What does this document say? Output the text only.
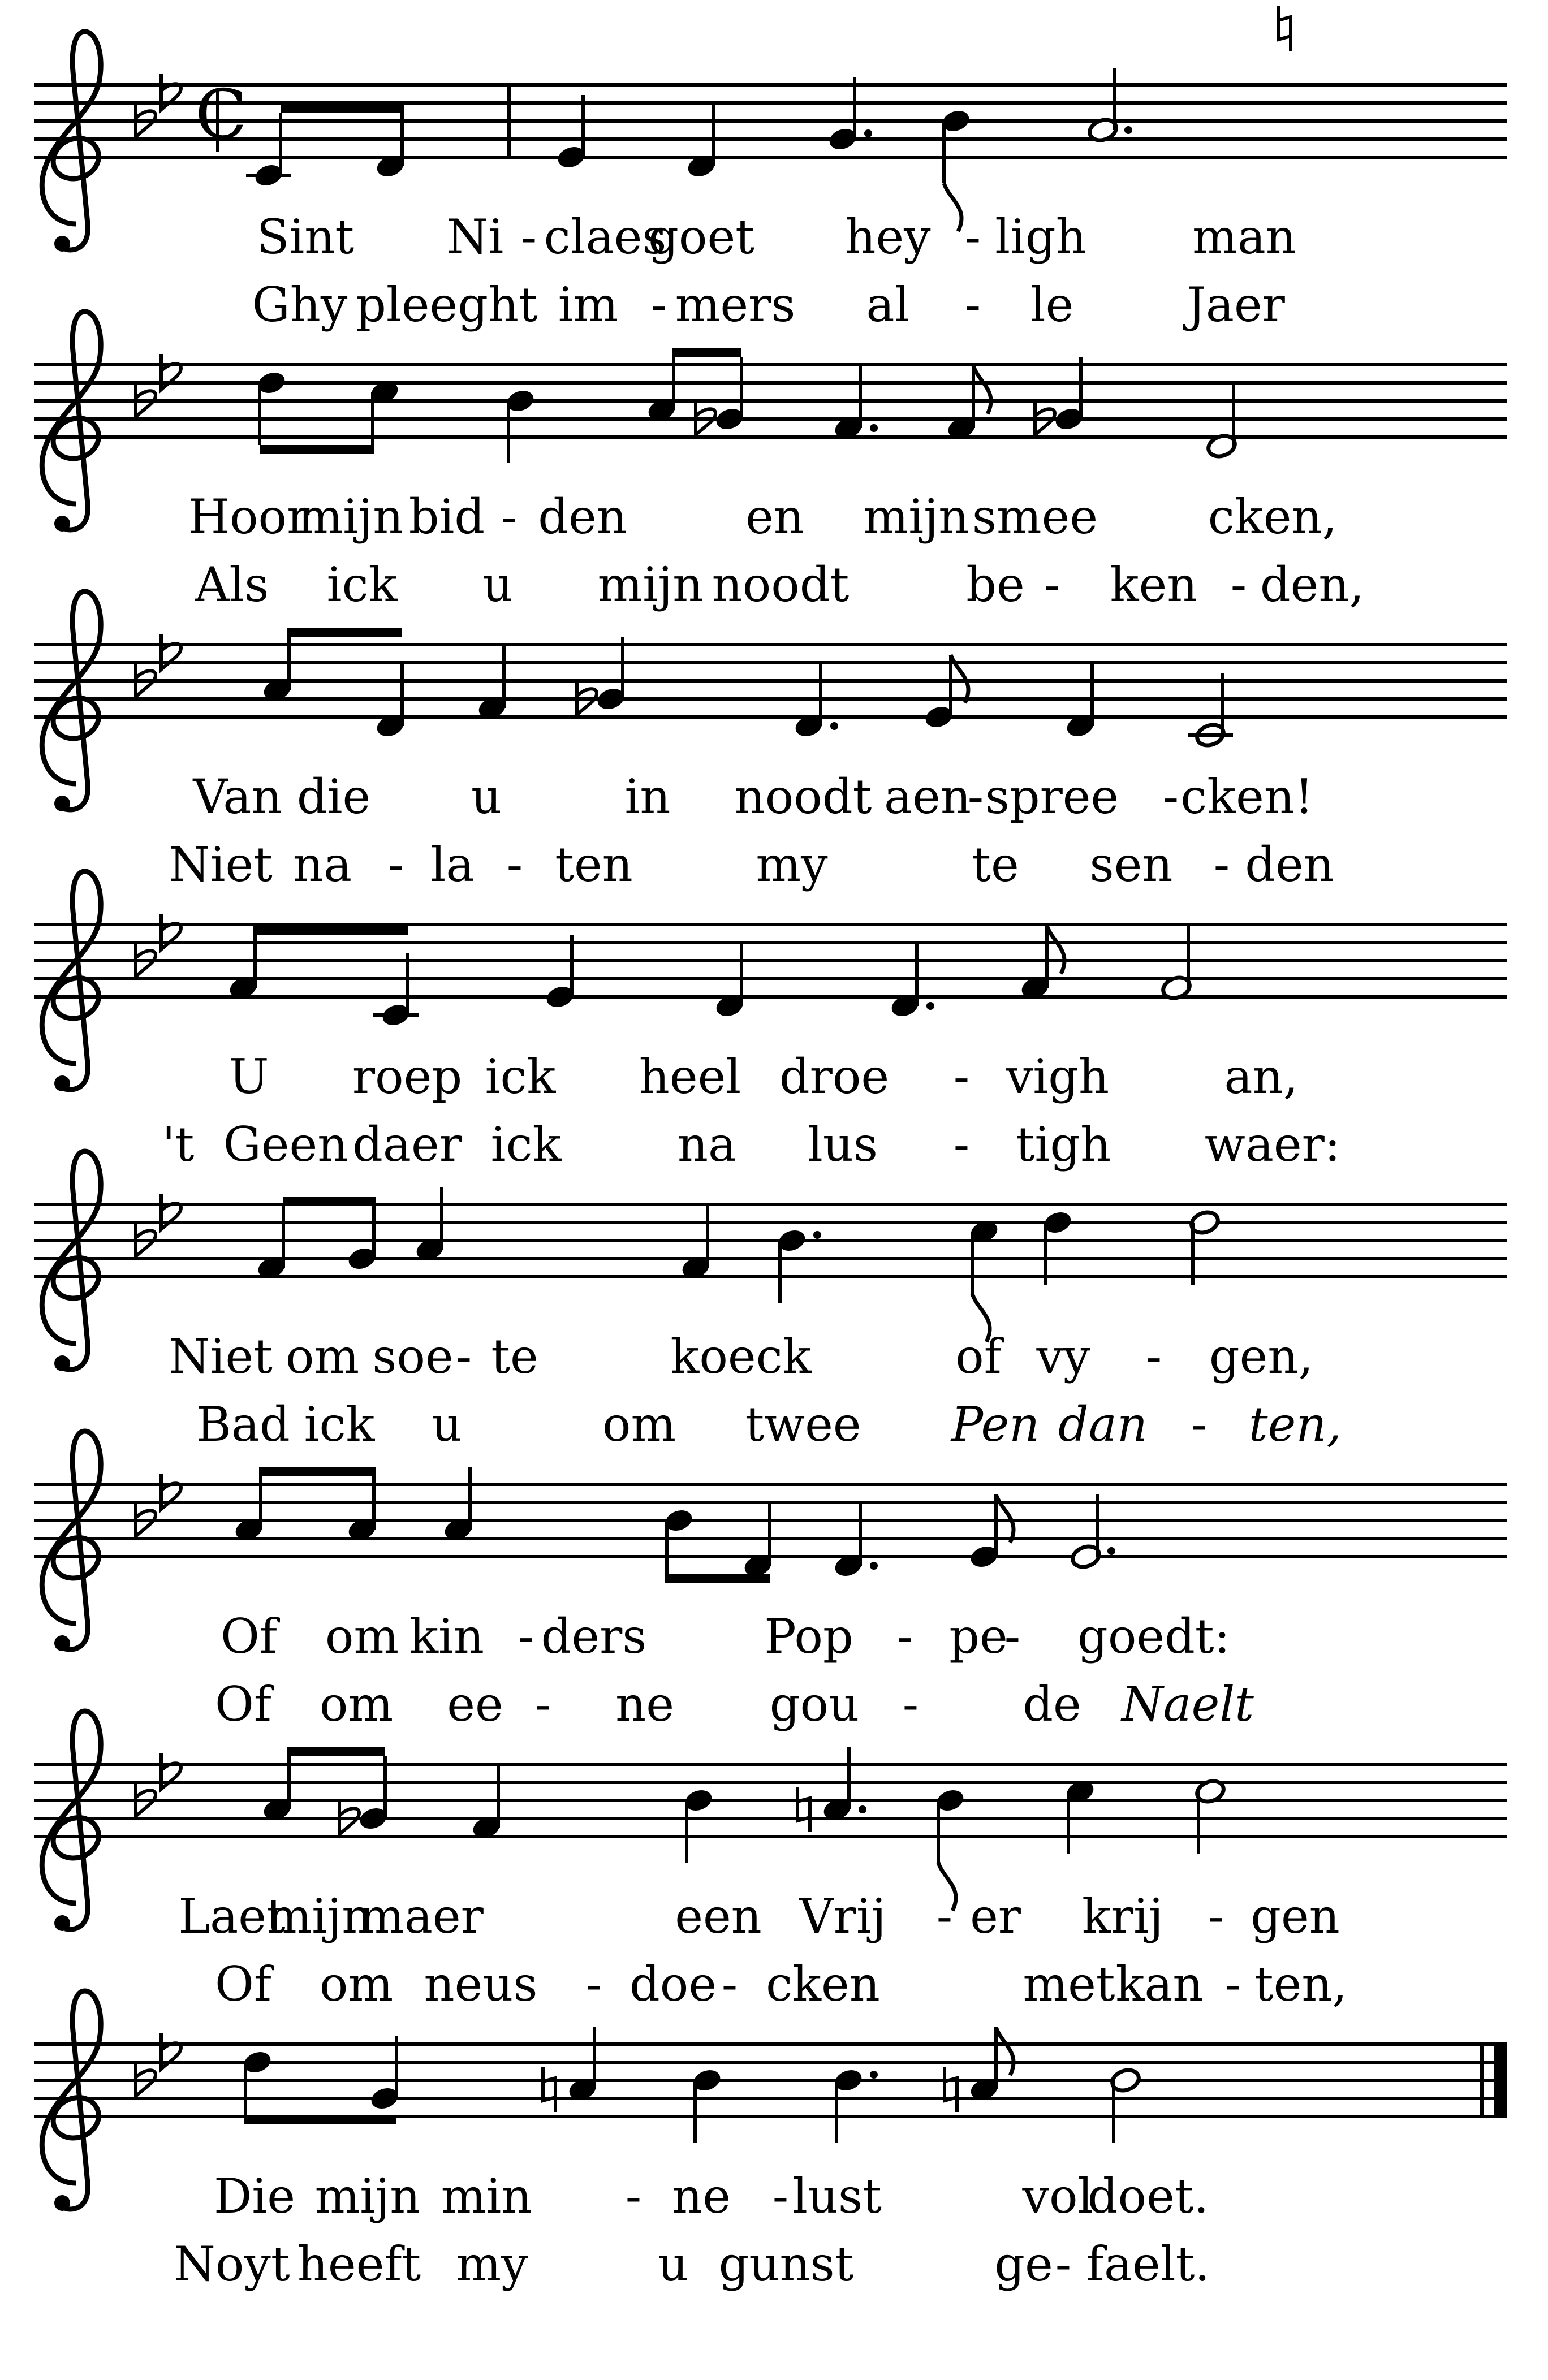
C
Sint Ni - claes
goet hey - ligh man
Ghy pleeght im - mers al - le Jaer
Hoor
mijn bid - den en mijn smee cken,
Als ick u mijn noodt be - ken - den,
Van die u	in noodt aen
- spree - cken!
Niet na - la - ten	my	te sen - den
U roep ick heel droe - vigh an,
't Geen daer ick na lus - tigh waer:
Niet om soe - te	koeck	of vy - gen,
Bad ick u	om twee Pen dan - ten,
Of om kin - ders Pop - pe
- goedt:
Of om ee - ne gou - de Naelt
Laet
mijn
maer	een Vrij - er krij - gen
Of om neus - doe - cken	met kan - ten,
Die mijn min - ne - lust	vol
doet.
Noyt heeft my	u gunst	ge - faelt.
